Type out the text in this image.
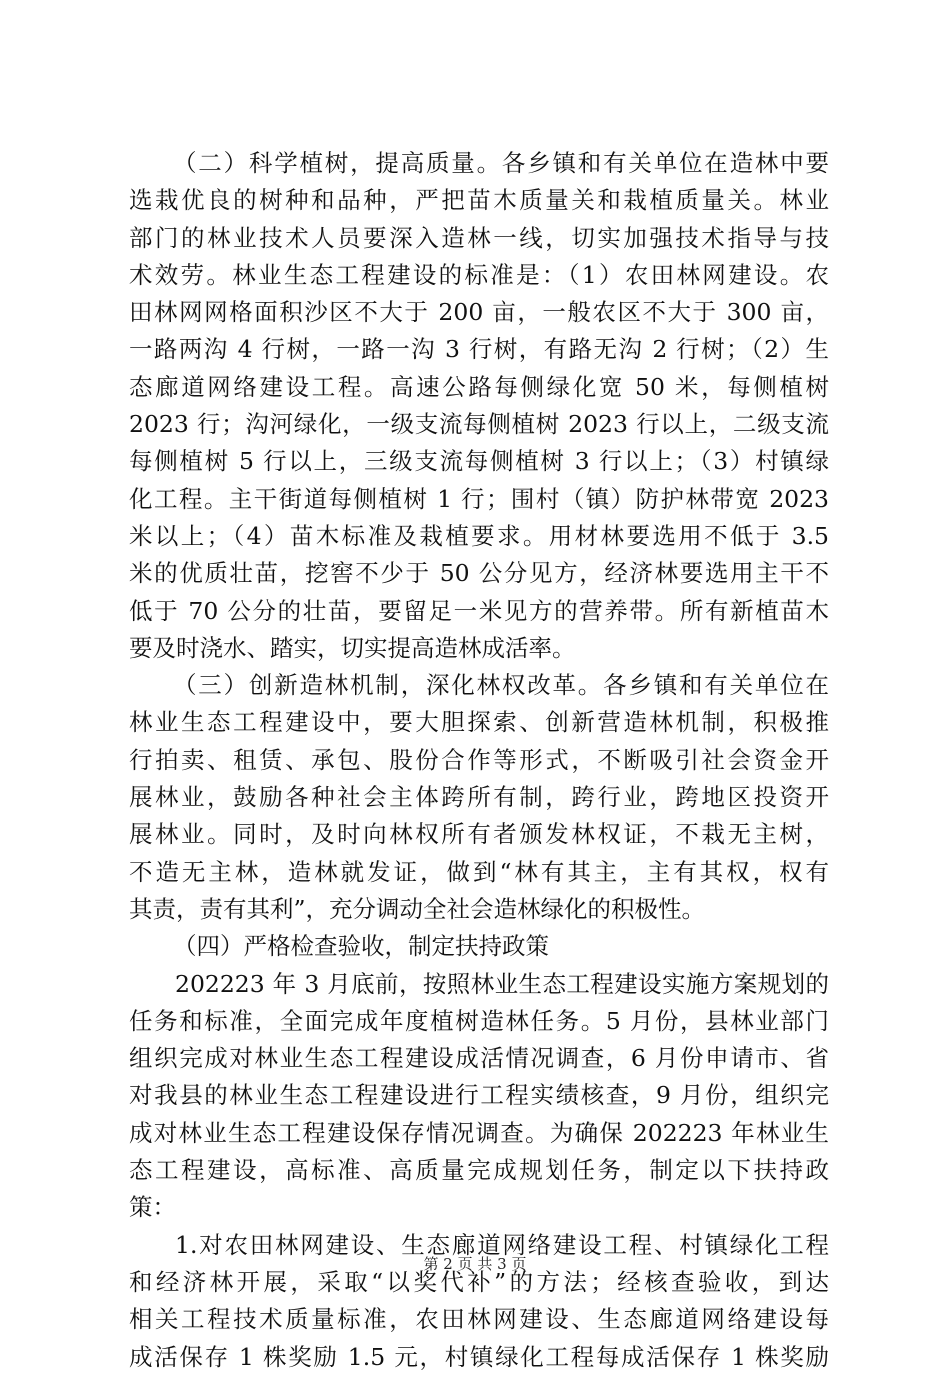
（二）科学植树，提高质量。各乡镇和有关单位在造林中要
选栽优良的树种和品种，严把苗木质量关和栽植质量关。林业
部门的林业技术人员要深入造林一线，切实加强技术指导与技
术效劳。林业生态工程建设的标准是：（1）农田林网建设。农
田林网网格面积沙区不大于 200 亩，一般农区不大于 300 亩，
一路两沟 4 行树，一路一沟 3 行树，有路无沟 2 行树；（2）生
态廊道网络建设工程。高速公路每侧绿化宽 50 米，每侧植树
2023 行；沟河绿化，一级支流每侧植树 2023 行以上，二级支流
每侧植树 5 行以上，三级支流每侧植树 3 行以上；（3）村镇绿
化工程。主干街道每侧植树 1 行；围村（镇）防护林带宽 2023
米以上；（4）苗木标准及栽植要求。用材林要选用不低于 3.5
米的优质壮苗，挖窖不少于 50 公分见方，经济林要选用主干不
低于 70 公分的壮苗，要留足一米见方的营养带。所有新植苗木
要及时浇水、踏实，切实提高造林成活率。
（三）创新造林机制，深化林权改革。各乡镇和有关单位在
林业生态工程建设中，要大胆探索、创新营造林机制，积极推
行拍卖、租赁、承包、股份合作等形式，不断吸引社会资金开
展林业，鼓励各种社会主体跨所有制，跨行业，跨地区投资开
展林业。同时，及时向林权所有者颁发林权证，不栽无主树，
不造无主林，造林就发证，做到“林有其主，主有其权，权有
其责，责有其利”，充分调动全社会造林绿化的积极性。
（四）严格检查验收，制定扶持政策
202223 年 3 月底前，按照林业生态工程建设实施方案规划的
任务和标准，全面完成年度植树造林任务。5 月份，县林业部门
组织完成对林业生态工程建设成活情况调查，6 月份申请市、省
对我县的林业生态工程建设进行工程实绩核查，9 月份，组织完
成对林业生态工程建设保存情况调查。为确保 202223 年林业生
态工程建设，高标准、高质量完成规划任务，制定以下扶持政
策：
1.对农田林网建设、生态廊道网络建设工程、村镇绿化工程
和经济林开展，采取“以奖代补”的方法；经核查验收，到达
相关工程技术质量标准，农田林网建设、生态廊道网络建设每
成活保存 1 株奖励 1.5 元，村镇绿化工程每成活保存 1 株奖励
第 2 页 共 3 页
